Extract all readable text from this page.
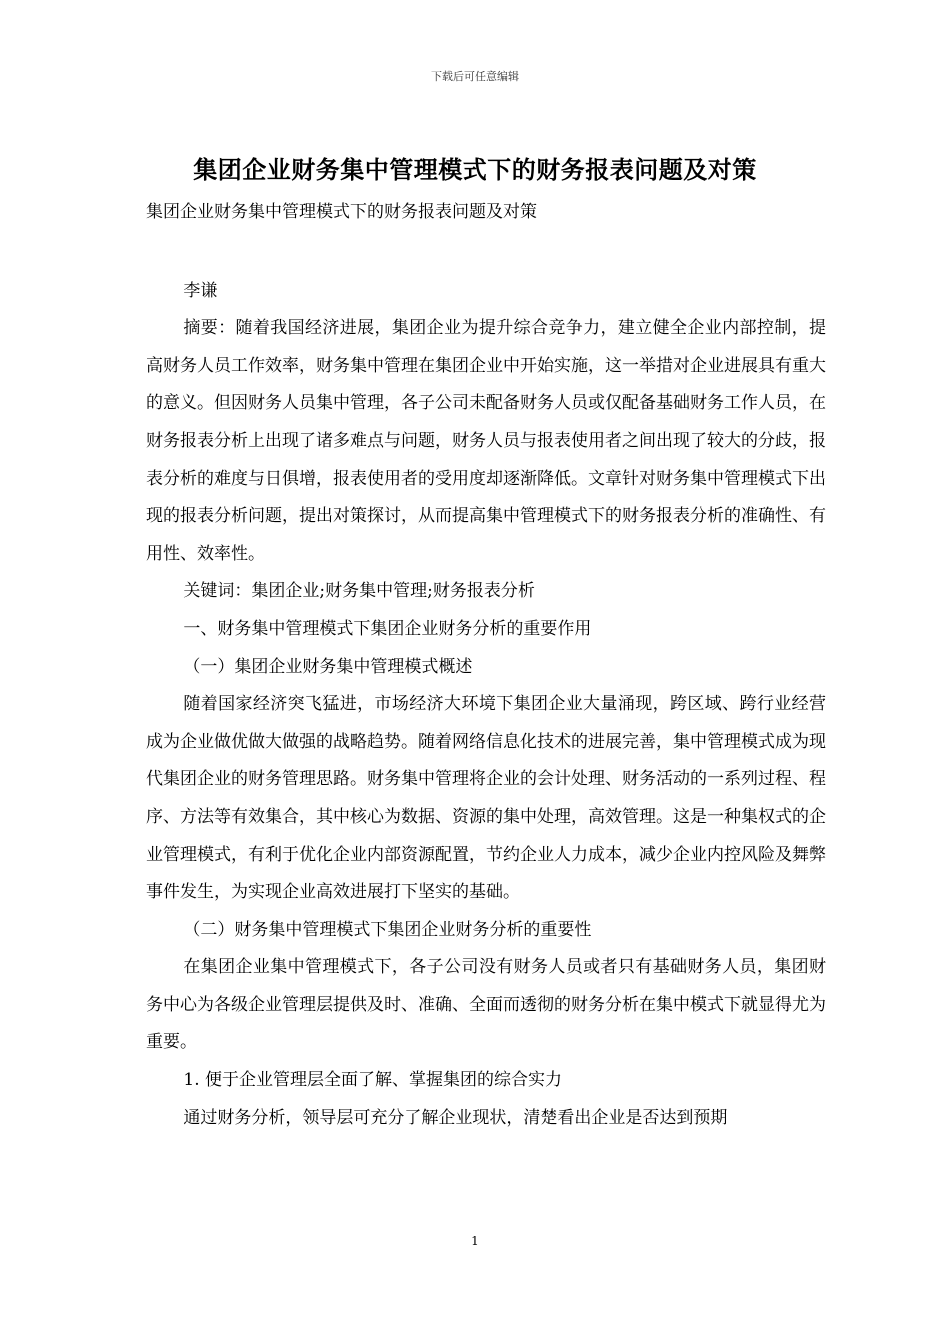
下载后可任意编辑
集团企业财务集中管理模式下的财务报表问题及对策

集团企业财务集中管理模式下的财务报表问题及对策

李谦

摘要：随着我国经济进展，集团企业为提升综合竞争力，建立健全企业内部控制，提高财务人员工作效率，财务集中管理在集团企业中开始实施，这一举措对企业进展具有重大的意义。但因财务人员集中管理，各子公司未配备财务人员或仅配备基础财务工作人员，在财务报表分析上出现了诸多难点与问题，财务人员与报表使用者之间出现了较大的分歧，报表分析的难度与日俱增，报表使用者的受用度却逐渐降低。文章针对财务集中管理模式下出现的报表分析问题，提出对策探讨，从而提高集中管理模式下的财务报表分析的准确性、有用性、效率性。

关键词：集团企业;财务集中管理;财务报表分析

一、财务集中管理模式下集团企业财务分析的重要作用

（一）集团企业财务集中管理模式概述

随着国家经济突飞猛进，市场经济大环境下集团企业大量涌现，跨区域、跨行业经营成为企业做优做大做强的战略趋势。随着网络信息化技术的进展完善，集中管理模式成为现代集团企业的财务管理思路。财务集中管理将企业的会计处理、财务活动的一系列过程、程序、方法等有效集合，其中核心为数据、资源的集中处理，高效管理。这是一种集权式的企业管理模式，有利于优化企业内部资源配置，节约企业人力成本，减少企业内控风险及舞弊事件发生，为实现企业高效进展打下坚实的基础。

（二）财务集中管理模式下集团企业财务分析的重要性

在集团企业集中管理模式下，各子公司没有财务人员或者只有基础财务人员，集团财务中心为各级企业管理层提供及时、准确、全面而透彻的财务分析在集中模式下就显得尤为重要。

1. 便于企业管理层全面了解、掌握集团的综合实力

通过财务分析，领导层可充分了解企业现状，清楚看出企业是否达到预期

1
